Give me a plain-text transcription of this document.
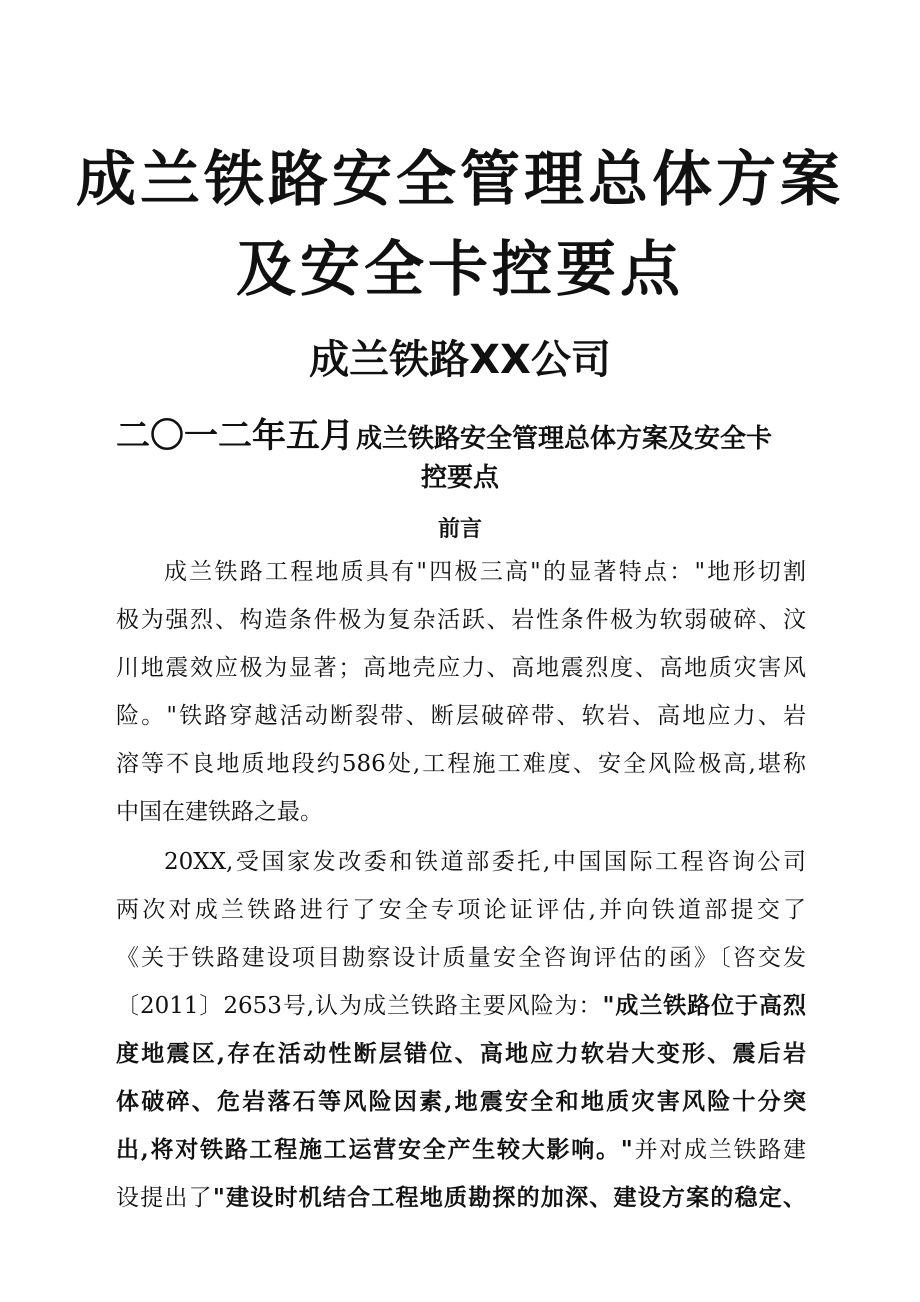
成兰铁路安全管理总体方案
及安全卡控要点
成兰铁路XX公司
二〇一二年五月成兰铁路安全管理总体方案及安全卡
控要点
前言
成兰铁路工程地质具有"四极三高"的显著特点："地形切割
极为强烈、构造条件极为复杂活跃、岩性条件极为软弱破碎、汶
川地震效应极为显著；高地壳应力、高地震烈度、高地质灾害风
险。"铁路穿越活动断裂带、断层破碎带、软岩、高地应力、岩
溶等不良地质地段约586处,工程施工难度、安全风险极高,堪称
中国在建铁路之最。
20XX,受国家发改委和铁道部委托,中国国际工程咨询公司
两次对成兰铁路进行了安全专项论证评估,并向铁道部提交了
《关于铁路建设项目勘察设计质量安全咨询评估的函》〔咨交发
〔2011〕2653号,认为成兰铁路主要风险为："成兰铁路位于高烈
度地震区,存在活动性断层错位、高地应力软岩大变形、震后岩
体破碎、危岩落石等风险因素,地震安全和地质灾害风险十分突
出,将对铁路工程施工运营安全产生较大影响。"并对成兰铁路建
设提出了"建设时机结合工程地质勘探的加深、建设方案的稳定、
